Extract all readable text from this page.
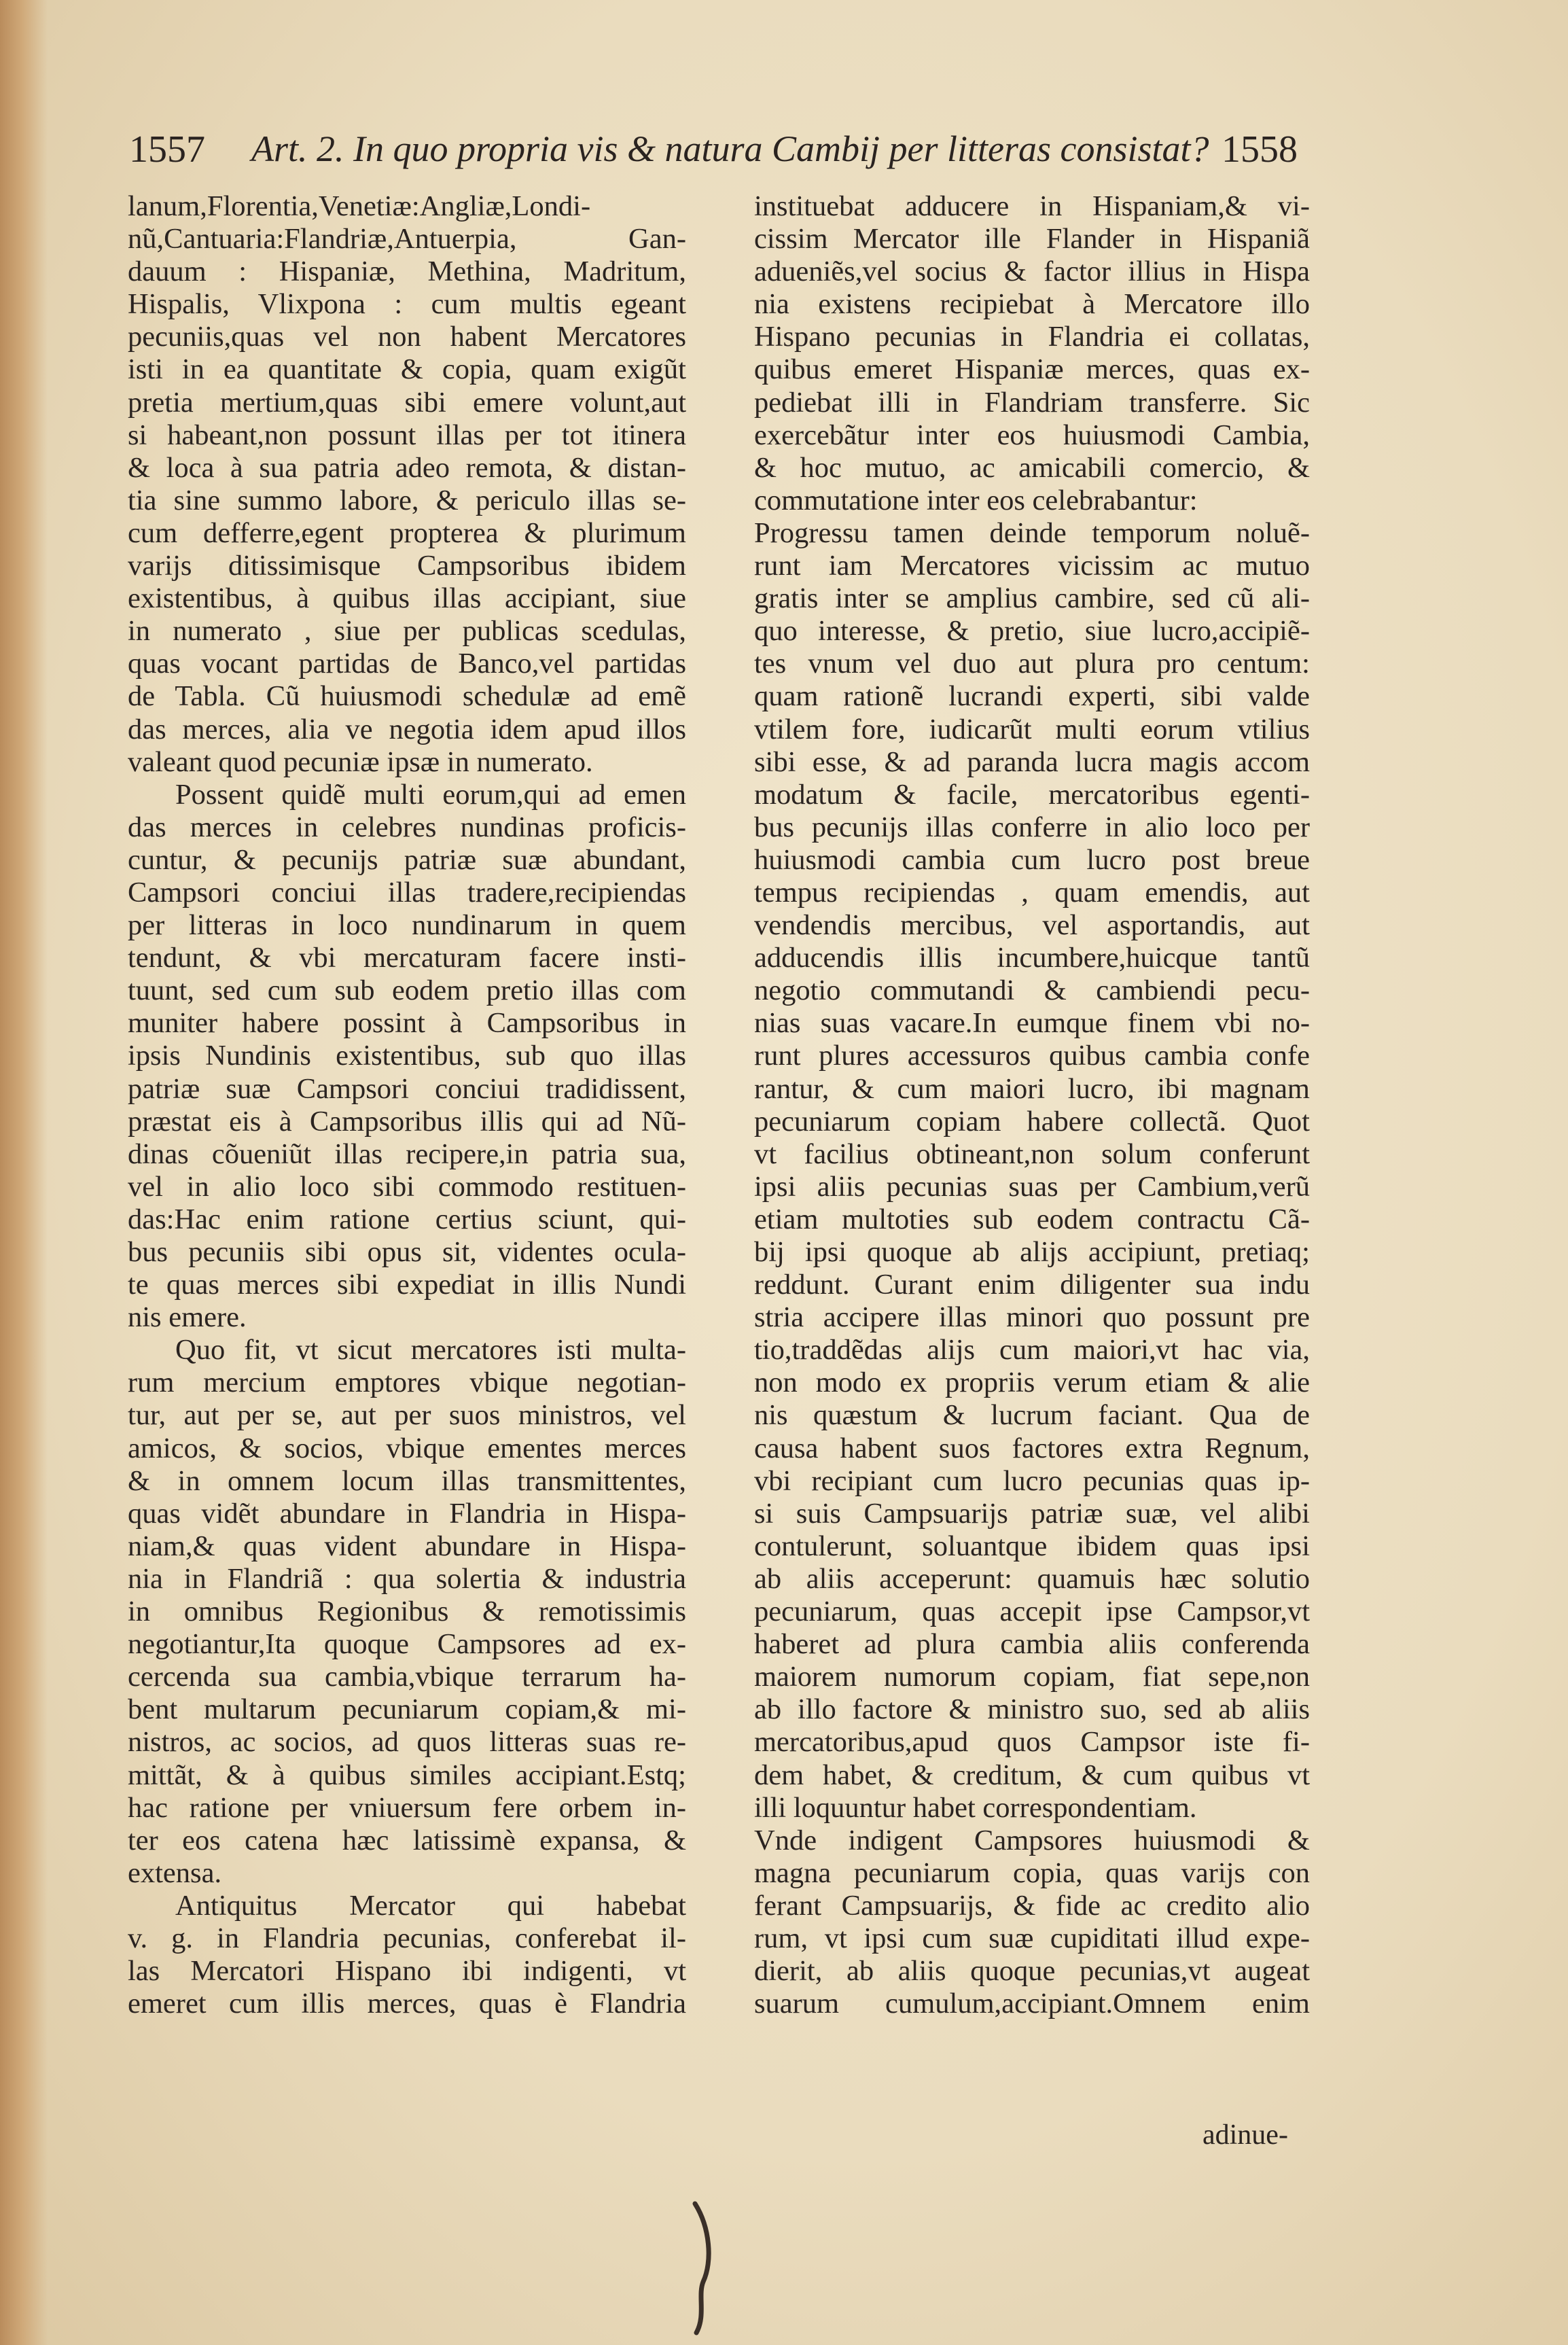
1557 Art. 2. In quo propria vis & natura Cambij per litteras consistat? 1558
lanum,Florentia,Venetiæ:Angliæ,Londi-
nũ,Cantuaria:Flandriæ,Antuerpia, Gan-
dauum : Hispaniæ, Methina, Madritum,
Hispalis, Vlixpona : cum multis egeant
pecuniis,quas vel non habent Mercatores
isti in ea quantitate & copia, quam exigũt
pretia mertium,quas sibi emere volunt,aut
si habeant,non possunt illas per tot itinera
& loca à sua patria adeo remota, & distan-
tia sine summo labore, & periculo illas se-
cum defferre,egent propterea & plurimum
varijs ditissimisque Campsoribus ibidem
existentibus, à quibus illas accipiant, siue
in numerato , siue per publicas scedulas,
quas vocant partidas de Banco,vel partidas
de Tabla. Cũ huiusmodi schedulæ ad emẽ
das merces, alia ve negotia idem apud illos
valeant quod pecuniæ ipsæ in numerato.
Possent quidẽ multi eorum,qui ad emen
das merces in celebres nundinas proficis-
cuntur, & pecunijs patriæ suæ abundant,
Campsori conciui illas tradere,recipiendas
per litteras in loco nundinarum in quem
tendunt, & vbi mercaturam facere insti-
tuunt, sed cum sub eodem pretio illas com
muniter habere possint à Campsoribus in
ipsis Nundinis existentibus, sub quo illas
patriæ suæ Campsori conciui tradidissent,
præstat eis à Campsoribus illis qui ad Nũ-
dinas cõueniũt illas recipere,in patria sua,
vel in alio loco sibi commodo restituen-
das:Hac enim ratione certius sciunt, qui-
bus pecuniis sibi opus sit, videntes ocula-
te quas merces sibi expediat in illis Nundi
nis emere.
Quo fit, vt sicut mercatores isti multa-
rum mercium emptores vbique negotian-
tur, aut per se, aut per suos ministros, vel
amicos, & socios, vbique ementes merces
& in omnem locum illas transmittentes,
quas vidẽt abundare in Flandria in Hispa-
niam,& quas vident abundare in Hispa-
nia in Flandriã : qua solertia & industria
in omnibus Regionibus & remotissimis
negotiantur,Ita quoque Campsores ad ex-
cercenda sua cambia,vbique terrarum ha-
bent multarum pecuniarum copiam,& mi-
nistros, ac socios, ad quos litteras suas re-
mittãt, & à quibus similes accipiant.Estq;
hac ratione per vniuersum fere orbem in-
ter eos catena hæc latissimè expansa, &
extensa.
Antiquitus Mercator qui habebat
v. g. in Flandria pecunias, conferebat il-
las Mercatori Hispano ibi indigenti, vt
emeret cum illis merces, quas è Flandria
instituebat adducere in Hispaniam,& vi-
cissim Mercator ille Flander in Hispaniã
adueniẽs,vel socius & factor illius in Hispa
nia existens recipiebat à Mercatore illo
Hispano pecunias in Flandria ei collatas,
quibus emeret Hispaniæ merces, quas ex-
pediebat illi in Flandriam transferre. Sic
exercebãtur inter eos huiusmodi Cambia,
& hoc mutuo, ac amicabili comercio, &
commutatione inter eos celebrabantur:
Progressu tamen deinde temporum noluẽ-
runt iam Mercatores vicissim ac mutuo
gratis inter se amplius cambire, sed cũ ali-
quo interesse, & pretio, siue lucro,accipiẽ-
tes vnum vel duo aut plura pro centum:
quam rationẽ lucrandi experti, sibi valde
vtilem fore, iudicarũt multi eorum vtilius
sibi esse, & ad paranda lucra magis accom
modatum & facile, mercatoribus egenti-
bus pecunijs illas conferre in alio loco per
huiusmodi cambia cum lucro post breue
tempus recipiendas , quam emendis, aut
vendendis mercibus, vel asportandis, aut
adducendis illis incumbere,huicque tantũ
negotio commutandi & cambiendi pecu-
nias suas vacare.In eumque finem vbi no-
runt plures accessuros quibus cambia confe
rantur, & cum maiori lucro, ibi magnam
pecuniarum copiam habere collectã. Quot
vt facilius obtineant,non solum conferunt
ipsi aliis pecunias suas per Cambium,verũ
etiam multoties sub eodem contractu Cã-
bij ipsi quoque ab alijs accipiunt, pretiaq;
reddunt. Curant enim diligenter sua indu
stria accipere illas minori quo possunt pre
tio,traddẽdas alijs cum maiori,vt hac via,
non modo ex propriis verum etiam & alie
nis quæstum & lucrum faciant. Qua de
causa habent suos factores extra Regnum,
vbi recipiant cum lucro pecunias quas ip-
si suis Campsuarijs patriæ suæ, vel alibi
contulerunt, soluantque ibidem quas ipsi
ab aliis acceperunt: quamuis hæc solutio
pecuniarum, quas accepit ipse Campsor,vt
haberet ad plura cambia aliis conferenda
maiorem numorum copiam, fiat sepe,non
ab illo factore & ministro suo, sed ab aliis
mercatoribus,apud quos Campsor iste fi-
dem habet, & creditum, & cum quibus vt
illi loquuntur habet correspondentiam.
Vnde indigent Campsores huiusmodi &
magna pecuniarum copia, quas varijs con
ferant Campsuarijs, & fide ac credito alio
rum, vt ipsi cum suæ cupiditati illud expe-
dierit, ab aliis quoque pecunias,vt augeat
suarum cumulum,accipiant.Omnem enim
adinue-
